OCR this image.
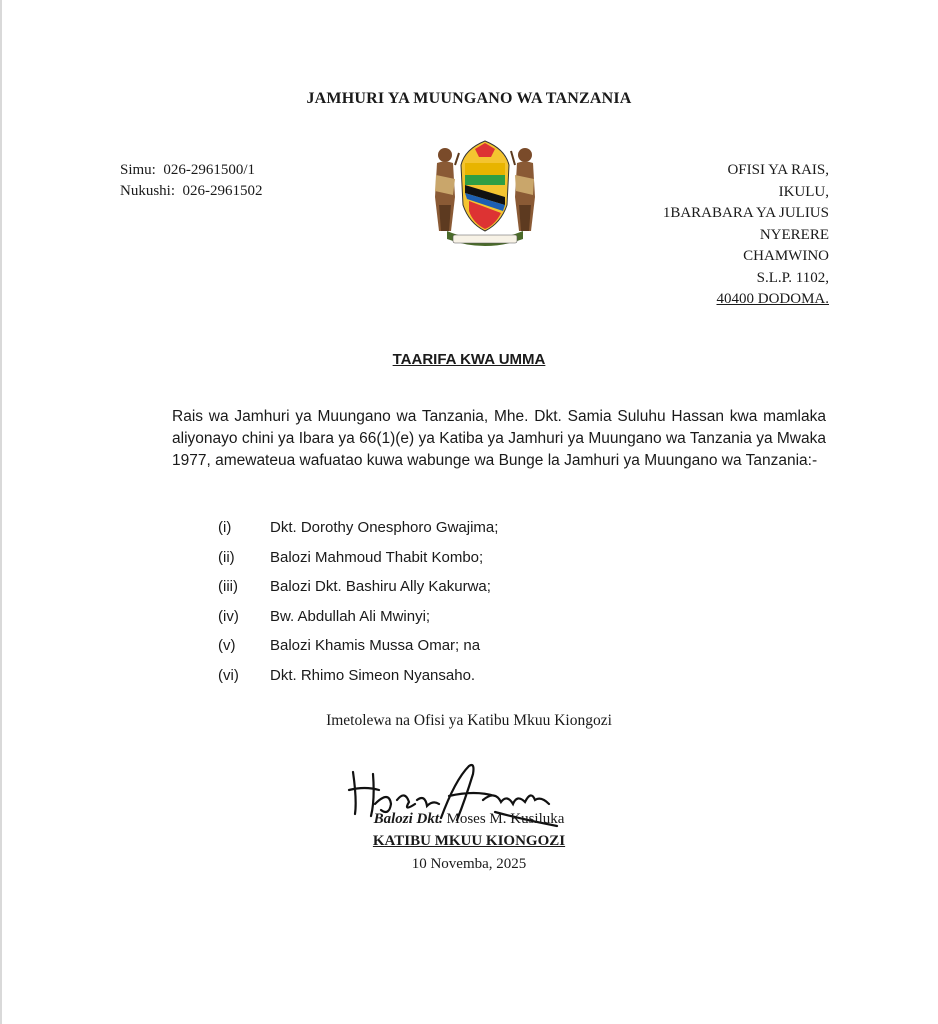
JAMHURI YA MUUNGANO WA TANZANIA
Simu: 026-2961500/1
Nukushi: 026-2961502
OFISI YA RAIS,
IKULU,
1BARABARA YA JULIUS
NYERERE
CHAMWINO
S.L.P. 1102,
40400 DODOMA.
TAARIFA KWA UMMA
Rais wa Jamhuri ya Muungano wa Tanzania, Mhe. Dkt. Samia Suluhu Hassan kwa mamlaka aliyonayo chini ya Ibara ya 66(1)(e) ya Katiba ya Jamhuri ya Muungano wa Tanzania ya Mwaka 1977, amewateua wafuatao kuwa wabunge wa Bunge la Jamhuri ya Muungano wa Tanzania:-
(i)	Dkt. Dorothy Onesphoro Gwajima;
(ii)	Balozi Mahmoud Thabit Kombo;
(iii)	Balozi Dkt. Bashiru Ally Kakurwa;
(iv)	Bw. Abdullah Ali Mwinyi;
(v)	Balozi Khamis Mussa Omar; na
(vi)	Dkt. Rhimo Simeon Nyansaho.
Imetolewa na Ofisi ya Katibu Mkuu Kiongozi
Balozi Dkt. Moses M. Kusiluka
KATIBU MKUU KIONGOZI
10 Novemba, 2025
